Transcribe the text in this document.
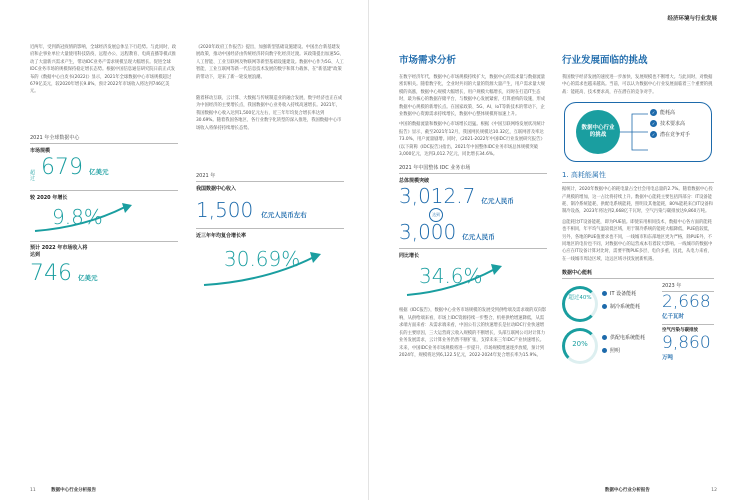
近两年，受到新冠疫情的影响，全球经济发展总体呈下行趋势。与此同时，政府和企事业单位大量使用科技防疫、远程办公、远程教育、电商直播等模式推动了大量新兴需求产生，带动IDC业务产需求规模呈现大幅增长。促进全球IDC业务市场的规模保持稳定增长态势。根据中国信息通信研究院日前正式发布的《数据中心白皮书(2022)》显示，2021年全球数据中心市场规模超过679亿美元，较2020年增长9.8%，预计2022年市场收入将达到746亿美元。
2021 年全球数据中心
市场规模
超过 679 亿美元
较 2020 年增长
9.8%
预计 2022 年市场收入将达到
746 亿美元
《2020年政府工作报告》提出，加强新型基础设施建设。中国出台新基建发展政策，推动中国经济由传统经济转向数字化经济过渡。该政策提出加速5G、人工智能、工业互联网及物联网等新型基础设施建设。数据中心作为5G、人工智能、工业互联网等新一代信息技术发展的数字和算力载体，在"新基建"政策的带动下，迎来了新一轮发展浪潮。
随着移动互联、云计算、大数据与传统制造业的融合发展，数字经济也正在成为中国经济的主要增长点，我国数据中心业务收入持续高速增长。2021年，我国数据中心收入达到1,500亿元左右，近三年年均复合增长率达到30.69%。随着我国各地区、各行业数字化转型的深入推进，我国数据中心市场收入将保持持续增长态势。
2021 年
我国数据中心收入
1,500 亿元人民币左右
近三年年均复合增长率
30.69%
11	数据中心行业分析报告
经济环境与行业发展
市场需求分析
在数字经济年代，数据中心市场规模持续扩大，数据中心的需求量与数据流量密切相关。随着数字化，全业时共同的大量的资源大量产生，用户需求量大规模的高涨，数据中心规模大幅增长，用户规模大幅增长，同时在打造IT生态时，最为核心的数据存储平台，与数据中心发展紧密，打算重构的设施，形成数据中心规模的新增长点。在国家政策、5G、AI、IoT等新技术的带动下，企业数据中心资源需求持续增长，数据中心整体规模将加速上升。
中国的数据流量和数据中心市场增长迅猛。根据《中国互联网络发展状况统计报告》显示，截至2021年12月，我国网民规模达10.32亿，互联网普及率达73.0%，用户流量剧增。同时，《2021-2022年中国IDC行业发展研究报告》(以下简称《IDC报告》)指出，2021年中国整体IDC业务市场总体规模突破3,000亿元，达到3,012.7亿元，同比增长34.6%。
2021 年中国整体 IDC 业务市场
总体规模突破
3,012.7 亿元人民币
达到
3,000 亿元人民币
同比增长
34.6%
根据《IDC报告》，数据中心业务市场规模的发展受到供给端及需求端的双向影响，从供给端来看，市场上IDC资源持续一步整合，机柜供给增速降低，从需求端方面来看：从需求端来看，中国公有云的快速增长是拉动IDC行业快速增长的主要原因，三大运营商云收入规模的不断增长，头部互联网公司对计算力业务发展需求，云计算业务仍然不断扩张，支撑未来三年IDC产业快速增长。未来，中国IDC业务市场规模将进一步提升，市场规模增速逐步放缓，预计到2024年，规模将达到6,122.5亿元，2022-2024年复合增长率为15.9%。
行业发展面临的挑战
我国数字经济发展的速度进一步加快，发展规模也不断增大。与此同时，对数据中心的需求也越来越高。当前，可以认为数据中心行业发展面临着三个重要的挑战：能耗高、技术要求高，存在潜在的竞争对手。
数据中心行业的挑战
✓ 能耗高
✓ 技术要求高
✓ 潜在竞争对手
1. 高耗能属性
据统计，2020年数据中心的耗电量占全社会用电总量的2.7%。随着数据中心投产规模的增加，这一占比将持续上升。数据中心能耗主要包括四部分：IT设备能耗、制冷系统能耗、供配电系统能耗，照明及其他能耗，80%能耗来自IT设备和制冷设备，2023年将达到2,668亿千瓦时，空气污染与碳排放达9,860万吨。
总能耗比IT设备能耗，即为PUE值。即使采用相同技术，数据中心各方面的能耗也不相同，年平均气温较低区域，用于制冷系统的能耗大幅降低，PUE值较低，另外，各地的PUE值要求也不同，一线城市和东部地区更为严格，除PUE外，不同地区的电价也不同，对数据中心的运营成本有着较大影响。一线城市的数据中心应在IT设备计算对比时，需要平衡PUE多层、电价多重，因此，从电力来看，在一线城市周边区域、边远区域寻找发展新机遇。
数据中心能耗
超过40%
IT 设备能耗
制冷系统能耗
20%
供配电系统能耗
照明
2023 年
2,668
亿千瓦时
空气污染与碳排放
9,860
万吨
数据中心行业分析报告	12
